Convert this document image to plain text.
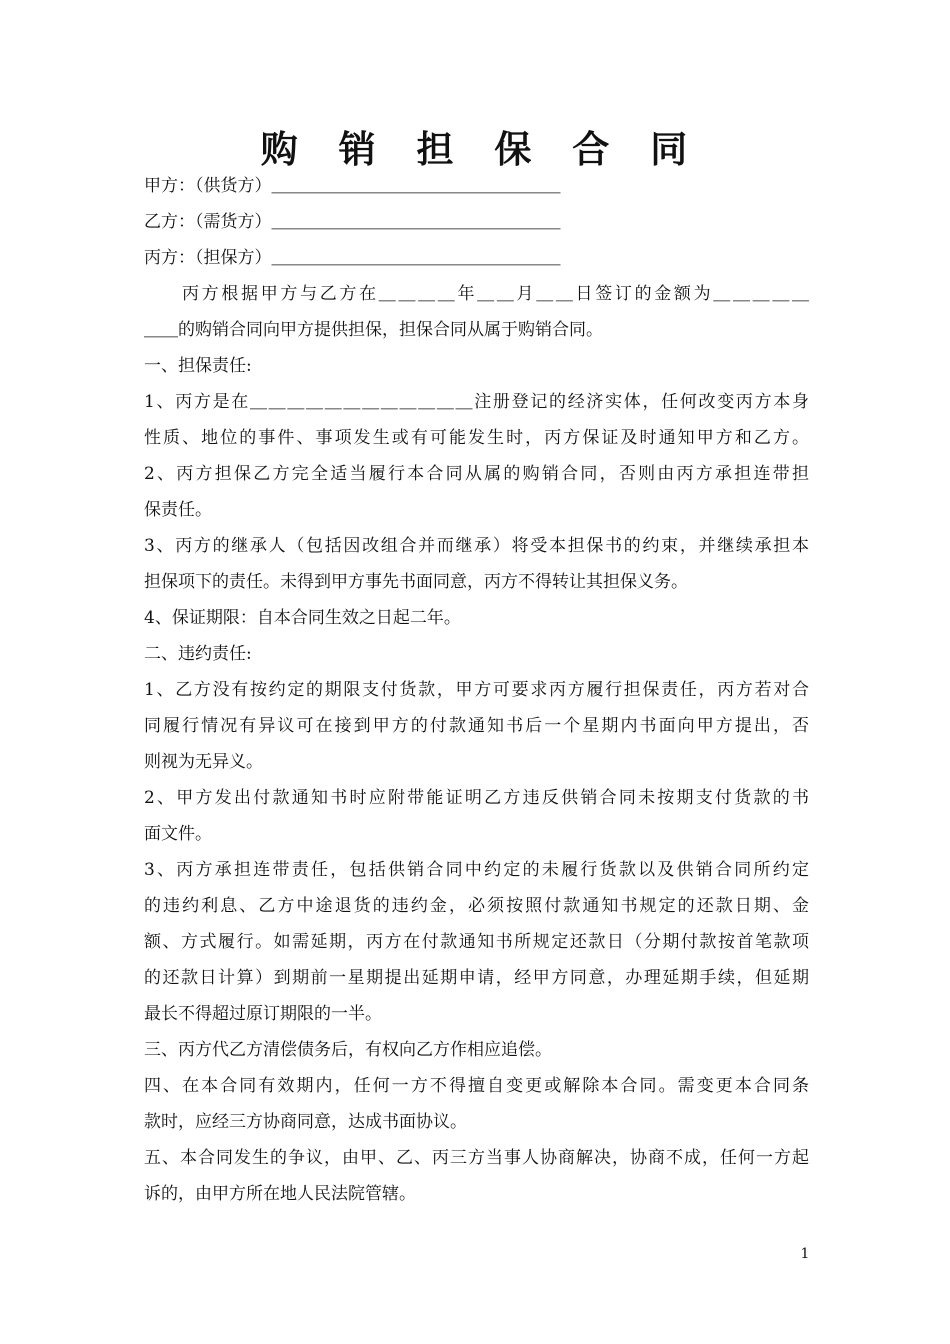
购 销 担 保 合 同
甲方：（供货方）＿＿＿＿＿＿＿＿＿＿＿＿＿＿＿＿＿
乙方：（需货方）＿＿＿＿＿＿＿＿＿＿＿＿＿＿＿＿＿
丙方：（担保方）＿＿＿＿＿＿＿＿＿＿＿＿＿＿＿＿＿
丙方根据甲方与乙方在＿＿＿＿年＿＿月＿＿日签订的金额为＿＿＿＿＿
＿＿的购销合同向甲方提供担保，担保合同从属于购销合同。
一、担保责任:
1、丙方是在＿＿＿＿＿＿＿＿＿＿＿＿注册登记的经济实体，任何改变丙方本身
性质、地位的事件、事项发生或有可能发生时，丙方保证及时通知甲方和乙方。
2、丙方担保乙方完全适当履行本合同从属的购销合同，否则由丙方承担连带担
保责任。
3、丙方的继承人（包括因改组合并而继承）将受本担保书的约束，并继续承担本
担保项下的责任。未得到甲方事先书面同意，丙方不得转让其担保义务。
4、保证期限：自本合同生效之日起二年。
二、违约责任:
1、乙方没有按约定的期限支付货款，甲方可要求丙方履行担保责任，丙方若对合
同履行情况有异议可在接到甲方的付款通知书后一个星期内书面向甲方提出，否
则视为无异义。
2、甲方发出付款通知书时应附带能证明乙方违反供销合同未按期支付货款的书
面文件。
3、丙方承担连带责任，包括供销合同中约定的未履行货款以及供销合同所约定
的违约利息、乙方中途退货的违约金，必须按照付款通知书规定的还款日期、金
额、方式履行。如需延期，丙方在付款通知书所规定还款日（分期付款按首笔款项
的还款日计算）到期前一星期提出延期申请，经甲方同意，办理延期手续，但延期
最长不得超过原订期限的一半。
三、丙方代乙方清偿债务后，有权向乙方作相应追偿。
四、在本合同有效期内，任何一方不得擅自变更或解除本合同。需变更本合同条
款时，应经三方协商同意，达成书面协议。
五、本合同发生的争议，由甲、乙、丙三方当事人协商解决，协商不成，任何一方起
诉的，由甲方所在地人民法院管辖。
1
